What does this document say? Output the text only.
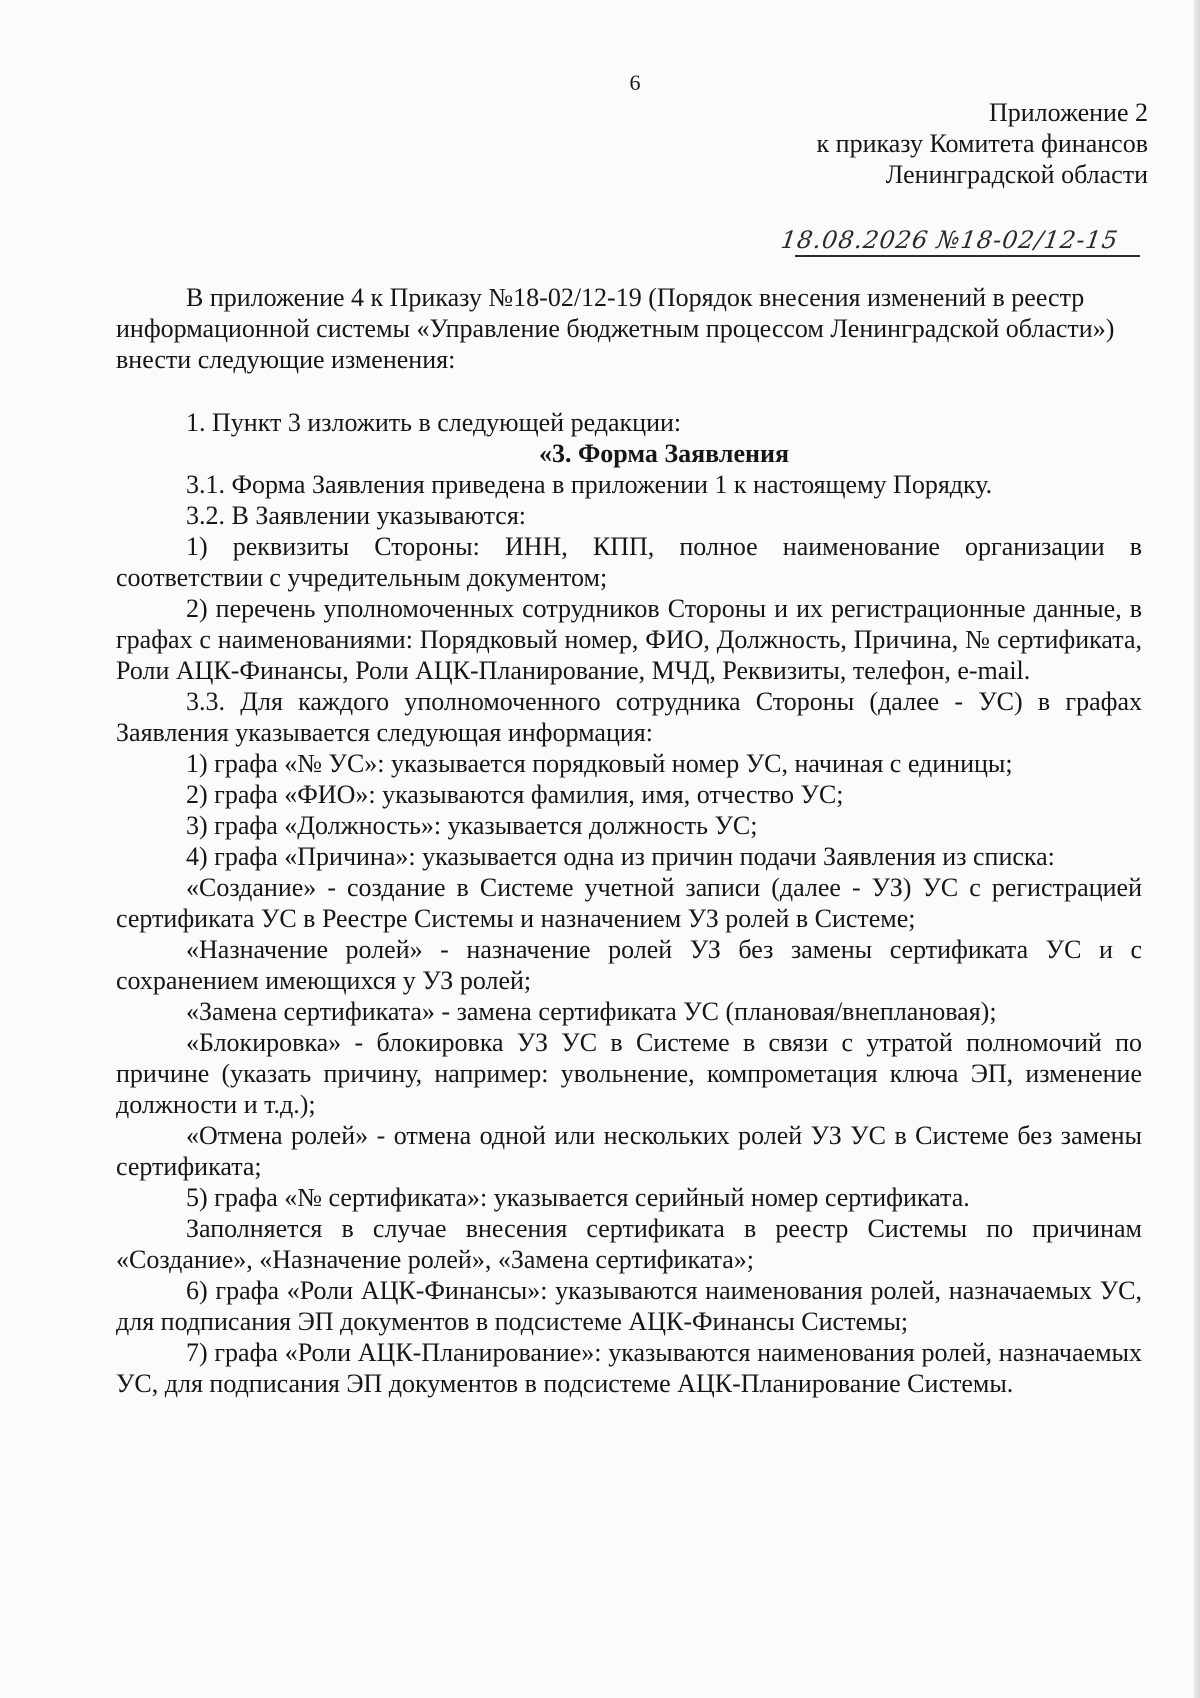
6
Приложение 2
к приказу Комитета финансов
Ленинградской области
18.08.2026 №18-02/12-15

В приложение 4 к Приказу №18-02/12-19 (Порядок внесения изменений в реестр информационной системы «Управление бюджетным процессом Ленинградской области») внести следующие изменения:

1. Пункт 3 изложить в следующей редакции:

«3. Форма Заявления

3.1. Форма Заявления приведена в приложении 1 к настоящему Порядку.

3.2. В Заявлении указываются:

1) реквизиты Стороны: ИНН, КПП, полное наименование организации в соответствии с учредительным документом;

2) перечень уполномоченных сотрудников Стороны и их регистрационные данные, в графах с наименованиями: Порядковый номер, ФИО, Должность, Причина, № сертификата, Роли АЦК-Финансы, Роли АЦК-Планирование, МЧД, Реквизиты, телефон, e-mail.

3.3. Для каждого уполномоченного сотрудника Стороны (далее - УС) в графах Заявления указывается следующая информация:

1) графа «№ УС»: указывается порядковый номер УС, начиная с единицы;

2) графа «ФИО»: указываются фамилия, имя, отчество УС;

3) графа «Должность»: указывается должность УС;

4) графа «Причина»: указывается одна из причин подачи Заявления из списка:

«Создание» - создание в Системе учетной записи (далее - УЗ) УС с регистрацией сертификата УС в Реестре Системы и назначением УЗ ролей в Системе;

«Назначение ролей» - назначение ролей УЗ без замены сертификата УС и с сохранением имеющихся у УЗ ролей;

«Замена сертификата» - замена сертификата УС (плановая/внеплановая);

«Блокировка» - блокировка УЗ УС в Системе в связи с утратой полномочий по причине (указать причину, например: увольнение, компрометация ключа ЭП, изменение должности и т.д.);

«Отмена ролей» - отмена одной или нескольких ролей УЗ УС в Системе без замены сертификата;

5) графа «№ сертификата»: указывается серийный номер сертификата.

Заполняется в случае внесения сертификата в реестр Системы по причинам «Создание», «Назначение ролей», «Замена сертификата»;

6) графа «Роли АЦК-Финансы»: указываются наименования ролей, назначаемых УС, для подписания ЭП документов в подсистеме АЦК-Финансы Системы;

7) графа «Роли АЦК-Планирование»: указываются наименования ролей, назначаемых УС, для подписания ЭП документов в подсистеме АЦК-Планирование Системы.
